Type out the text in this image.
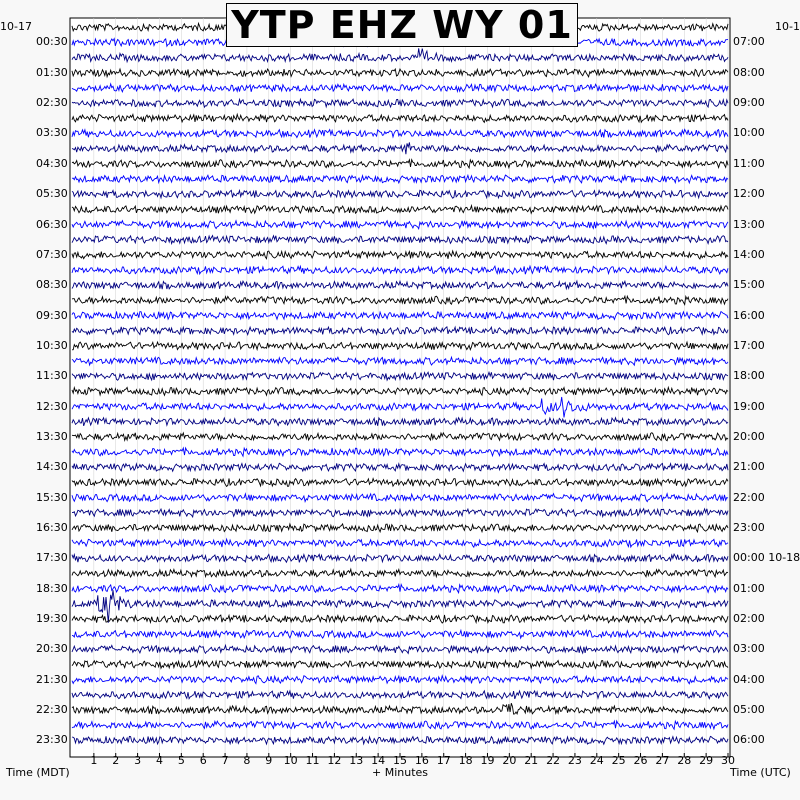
YTP EHZ WY 01
10-17	10-1
00:30
01:30
02:30
03:30
04:30
05:30
06:30
07:30
08:30
09:30
10:30
11:30
12:30
13:30
14:30
15:30
16:30
17:30
18:30
19:30
20:30
21:30
22:30
23:30
07:00
08:00
09:00
10:00
11:00
12:00
13:00
14:00
15:00
16:00
17:00
18:00
19:00
20:00
21:00
22:00
23:00
00:00 10-18
01:00
02:00
03:00
04:00
05:00
06:00
1	2	3	4	5	6	7	8	9	10 11 12 13 14 15 16 17 18 19 20 21 22 23 24 25 26 27 28 29 30
Time (MDT)	+ Minutes	Time (UTC)
